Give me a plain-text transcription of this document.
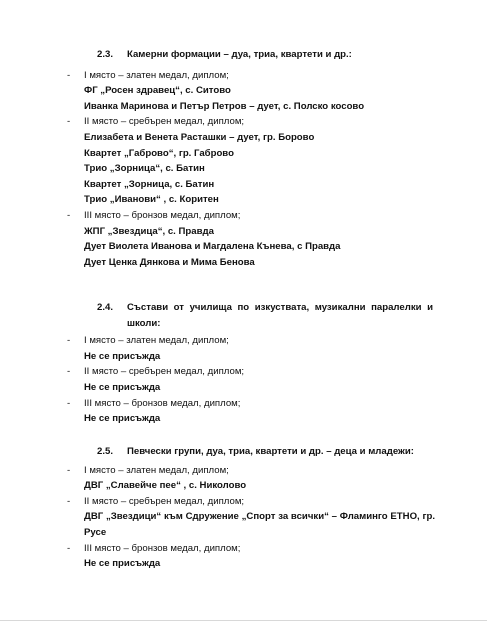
2.3.	Камерни формации – дуа, триа, квартети и др.:
- I място – златен медал, диплом;
ФГ „Росен здравец“, с. Ситово
Иванка Маринова и Петър Петров – дует, с. Полско косово
- II място – сребърен медал, диплом;
Елизабета и Венета Расташки – дует, гр. Борово
Квартет „Габрово“, гр. Габрово
Трио „Зорница“, с. Батин
Квартет „Зорница, с. Батин
Трио „Иванови“ , с. Коритен
- III място – бронзов медал, диплом;
ЖПГ „Звездица“, с. Правда
Дует Виолета Иванова и Магдалена Кънева, с Правда
Дует Ценка Дянкова и Мима Бенова
2.4.	Състави от училища по изкуствата, музикални паралелки и школи:
- I място – златен медал, диплом;
Не се присъжда
- II място – сребърен медал, диплом;
Не се присъжда
- III място – бронзов медал, диплом;
Не се присъжда
2.5.	Певчески групи, дуа, триа, квартети и др. – деца и младежи:
- I място – златен медал, диплом;
ДВГ „Славейче пее“ , с. Николово
- II място – сребърен медал, диплом;
ДВГ „Звездици“ към Сдружение „Спорт за всички“ – Фламинго ЕТНО, гр. Русе
- III място – бронзов медал, диплом;
Не се присъжда
